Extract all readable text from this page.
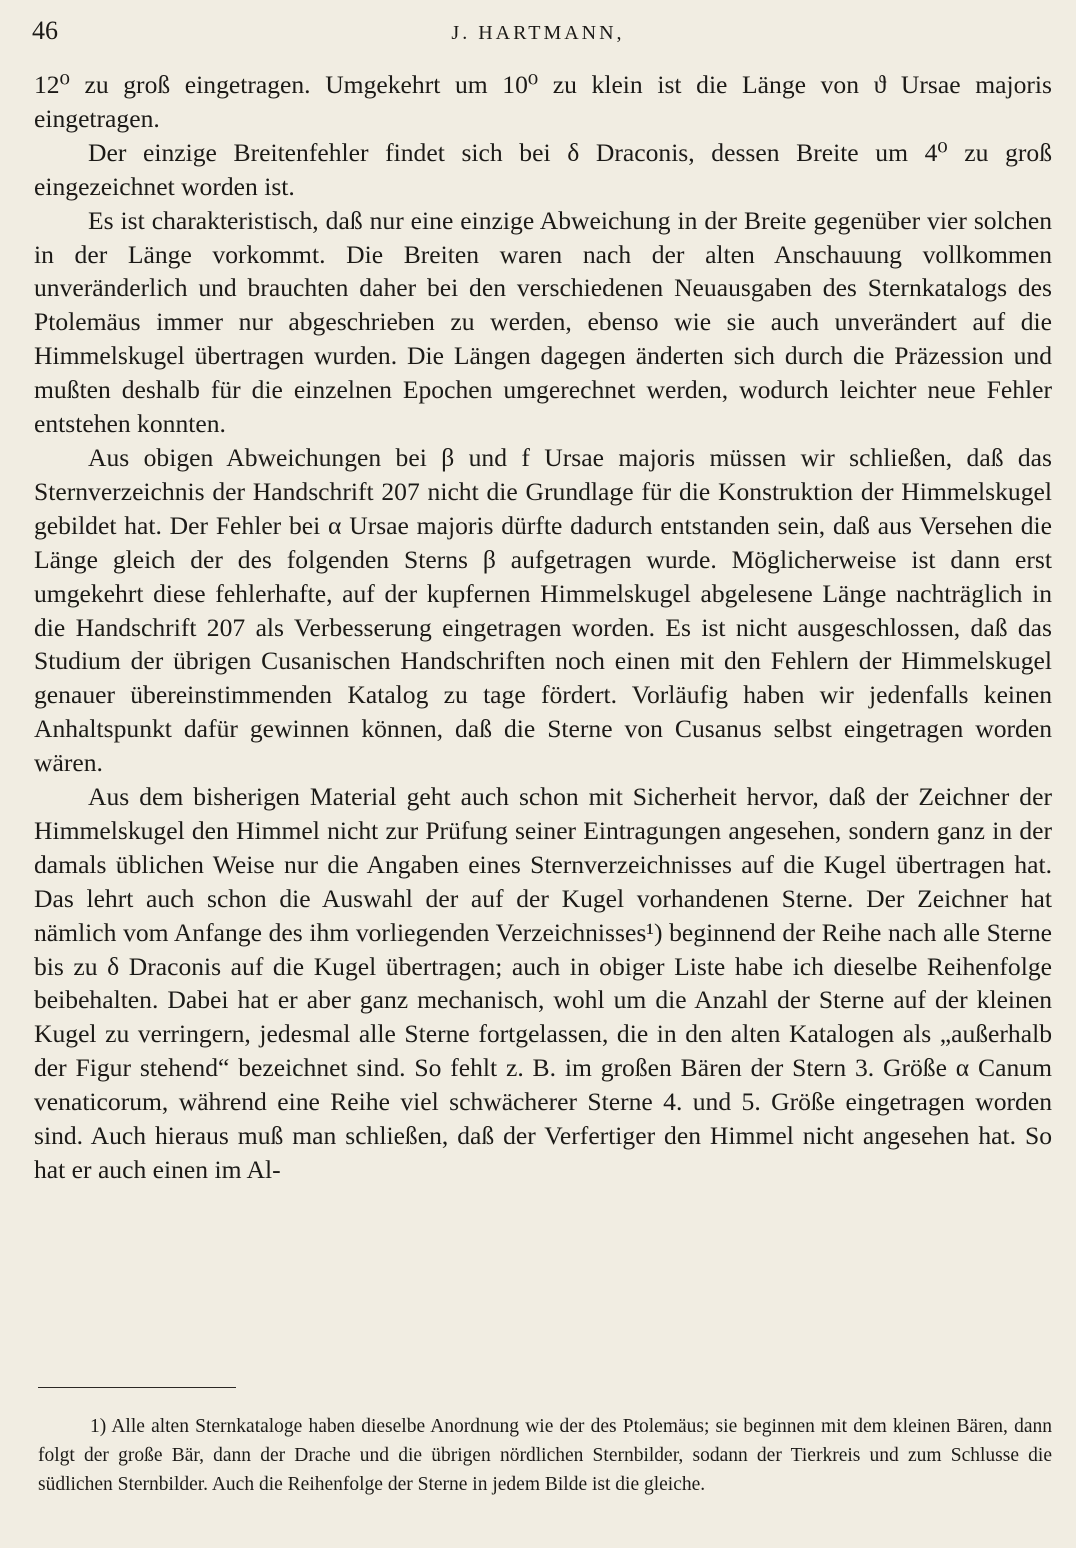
46	J. HARTMANN,

12⁰ zu groß eingetragen. Umgekehrt um 10⁰ zu klein ist die Länge von ϑ Ursae majoris eingetragen.

Der einzige Breitenfehler findet sich bei δ Draconis, dessen Breite um 4⁰ zu groß eingezeichnet worden ist.

Es ist charakteristisch, daß nur eine einzige Abweichung in der Breite gegenüber vier solchen in der Länge vorkommt. Die Breiten waren nach der alten Anschauung vollkommen unveränderlich und brauchten daher bei den verschiedenen Neuausgaben des Sternkatalogs des Ptolemäus immer nur abgeschrieben zu werden, ebenso wie sie auch unverändert auf die Himmelskugel übertragen wurden. Die Längen dagegen änderten sich durch die Präzession und mußten deshalb für die einzelnen Epochen umgerechnet werden, wodurch leichter neue Fehler entstehen konnten.

Aus obigen Abweichungen bei β und f Ursae majoris müssen wir schließen, daß das Sternverzeichnis der Handschrift 207 nicht die Grundlage für die Konstruktion der Himmelskugel gebildet hat. Der Fehler bei α Ursae majoris dürfte dadurch entstanden sein, daß aus Versehen die Länge gleich der des folgenden Sterns β aufgetragen wurde. Möglicherweise ist dann erst umgekehrt diese fehlerhafte, auf der kupfernen Himmelskugel abgelesene Länge nachträglich in die Handschrift 207 als Verbesserung eingetragen worden. Es ist nicht ausgeschlossen, daß das Studium der übrigen Cusanischen Handschriften noch einen mit den Fehlern der Himmelskugel genauer übereinstimmenden Katalog zu tage fördert. Vorläufig haben wir jedenfalls keinen Anhaltspunkt dafür gewinnen können, daß die Sterne von Cusanus selbst eingetragen worden wären.

Aus dem bisherigen Material geht auch schon mit Sicherheit hervor, daß der Zeichner der Himmelskugel den Himmel nicht zur Prüfung seiner Eintragungen angesehen, sondern ganz in der damals üblichen Weise nur die Angaben eines Sternverzeichnisses auf die Kugel übertragen hat. Das lehrt auch schon die Auswahl der auf der Kugel vorhandenen Sterne. Der Zeichner hat nämlich vom Anfange des ihm vorliegenden Verzeichnisses¹) beginnend der Reihe nach alle Sterne bis zu δ Draconis auf die Kugel übertragen; auch in obiger Liste habe ich dieselbe Reihenfolge beibehalten. Dabei hat er aber ganz mechanisch, wohl um die Anzahl der Sterne auf der kleinen Kugel zu verringern, jedesmal alle Sterne fortgelassen, die in den alten Katalogen als „außerhalb der Figur stehend“ bezeichnet sind. So fehlt z. B. im großen Bären der Stern 3. Größe α Canum venaticorum, während eine Reihe viel schwächerer Sterne 4. und 5. Größe eingetragen worden sind. Auch hieraus muß man schließen, daß der Verfertiger den Himmel nicht angesehen hat. So hat er auch einen im Al-

1) Alle alten Sternkataloge haben dieselbe Anordnung wie der des Ptolemäus; sie beginnen mit dem kleinen Bären, dann folgt der große Bär, dann der Drache und die übrigen nördlichen Sternbilder, sodann der Tierkreis und zum Schlusse die südlichen Sternbilder. Auch die Reihenfolge der Sterne in jedem Bilde ist die gleiche.
